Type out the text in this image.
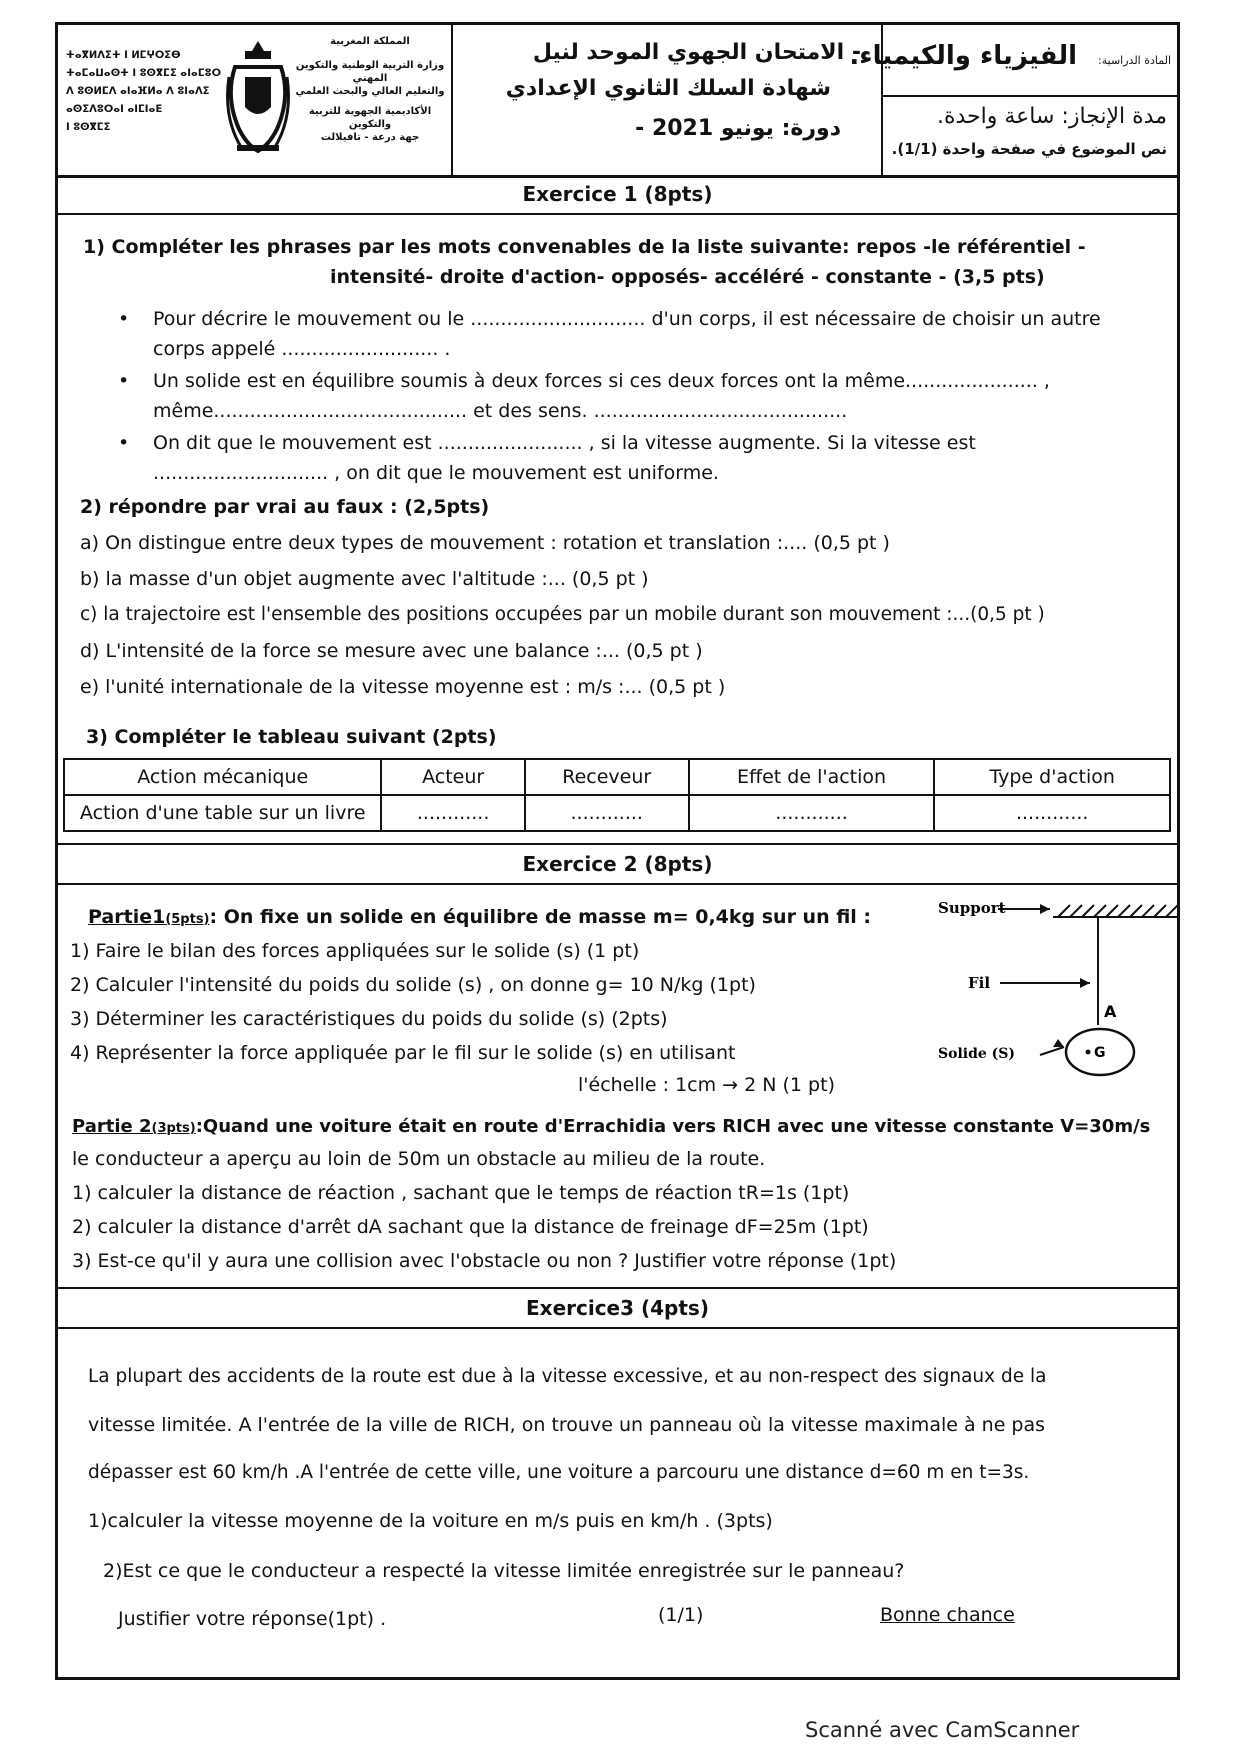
ⵜⴰⴳⵍⴷⵉⵜ ⵏ ⵍⵎⵖⵔⵉⴱ
ⵜⴰⵎⴰⵡⴰⵙⵜ ⵏ ⵓⵙⴳⵎⵉ ⴰⵏⴰⵎⵓⵔ
ⴷ ⵓⵙⵍⵎⴷ ⴰⵏⴰⴼⵍⴰ ⴷ ⵓⵏⴰⴷⵉ
ⴰⵙⵉⴷⵓⵔⴰⵏ ⴰⵏⵎⵏⴰⴹ
ⵏ ⵓⵙⴳⵎⵉ
المملكة المغربية
وزارة التربية الوطنية والتكوين المهني
والتعليم العالي والبحث العلمي
الأكاديمية الجهوية للتربية والتكوين
جهة درعة - تافيلالت
- الامتحان الجهوي الموحد لنيل
شهادة السلك الثانوي الإعدادي
دورة: يونيو 2021 -
المادة الدراسية:
الفيزياء والكيمياء.
مدة الإنجاز: ساعة واحدة.
نص الموضوع في صفحة واحدة (1/1).
Exercice 1 (8pts)
1) Compléter les phrases par les mots convenables de la liste suivante: repos -le référentiel -
intensité- droite d'action- opposés- accéléré - constante - (3,5 pts)
• Pour décrire le mouvement ou le ............................. d'un corps, il est nécessaire de choisir un autre
corps appelé .......................... .
• Un solide est en équilibre soumis à deux forces si ces deux forces ont la même...................... ,
même.......................................... et des sens. ..........................................
• On dit que le mouvement est ........................ , si la vitesse augmente. Si la vitesse est
............................. , on dit que le mouvement est uniforme.
2) répondre par vrai au faux : (2,5pts)
a) On distingue entre deux types de mouvement : rotation et translation :.... (0,5 pt )
b) la masse d'un objet augmente avec l'altitude :... (0,5 pt )
c) la trajectoire est l'ensemble des positions occupées par un mobile durant son mouvement :...(0,5 pt )
d) L'intensité de la force se mesure avec une balance :... (0,5 pt )
e) l'unité internationale de la vitesse moyenne est : m/s :... (0,5 pt )
3) Compléter le tableau suivant (2pts)
Action mécanique	Acteur	Receveur	Effet de l'action	Type d'action
Action d'une table sur un livre	............	............	............	............
Exercice 2 (8pts)
Partie1(5pts): On fixe un solide en équilibre de masse m= 0,4kg sur un fil :
1) Faire le bilan des forces appliquées sur le solide (s) (1 pt)
2) Calculer l'intensité du poids du solide (s) , on donne g= 10 N/kg (1pt)
3) Déterminer les caractéristiques du poids du solide (s) (2pts)
4) Représenter la force appliquée par le fil sur le solide (s) en utilisant
l'échelle : 1cm → 2 N (1 pt)
Support
Fil
Solide (S)
A
G
Partie 2(3pts):Quand une voiture était en route d'Errachidia vers RICH avec une vitesse constante V=30m/s
le conducteur a aperçu au loin de 50m un obstacle au milieu de la route.
1) calculer la distance de réaction , sachant que le temps de réaction tR=1s (1pt)
2) calculer la distance d'arrêt dA sachant que la distance de freinage dF=25m (1pt)
3) Est-ce qu'il y aura une collision avec l'obstacle ou non ? Justifier votre réponse (1pt)
Exercice3 (4pts)
La plupart des accidents de la route est due à la vitesse excessive, et au non-respect des signaux de la
vitesse limitée. A l'entrée de la ville de RICH, on trouve un panneau où la vitesse maximale à ne pas
dépasser est 60 km/h .A l'entrée de cette ville, une voiture a parcouru une distance d=60 m en t=3s.
1)calculer la vitesse moyenne de la voiture en m/s puis en km/h . (3pts)
2)Est ce que le conducteur a respecté la vitesse limitée enregistrée sur le panneau?
Justifier votre réponse(1pt) .	(1/1)	Bonne chance
Scanné avec CamScanner
